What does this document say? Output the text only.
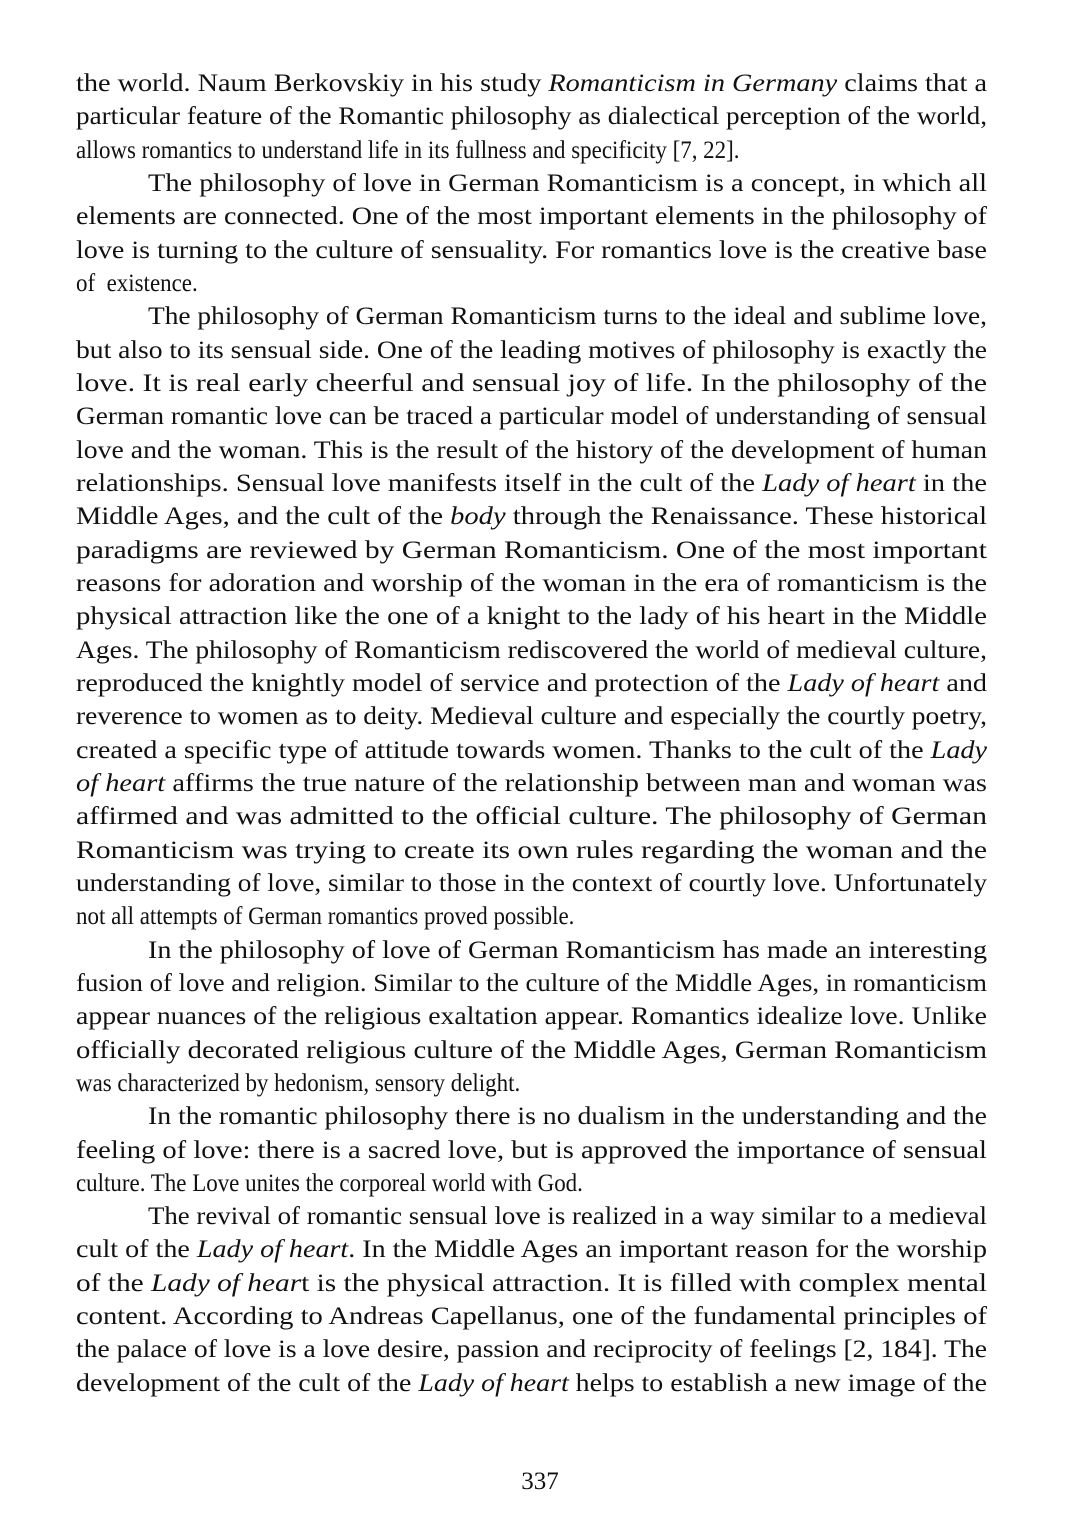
the world. Naum Berkovskiy in his study Romanticism in Germany claims that a
particular feature of the Romantic philosophy as dialectical perception of the world,
allows romantics to understand life in its fullness and specificity [7, 22].
The philosophy of love in German Romanticism is a concept, in which all
elements are connected. One of the most important elements in the philosophy of
love is turning to the culture of sensuality. For romantics love is the creative base
of  existence.
The philosophy of German Romanticism turns to the ideal and sublime love,
but also to its sensual side. One of the leading motives of philosophy is exactly the
love. It is real early cheerful and sensual joy of life. In the philosophy of the
German romantic love can be traced a particular model of understanding of sensual
love and the woman. This is the result of the history of the development of human
relationships. Sensual love manifests itself in the cult of the Lady of heart in the
Middle Ages, and the cult of the body through the Renaissance. These historical
paradigms are reviewed by German Romanticism. One of the most important
reasons for adoration and worship of the woman in the era of romanticism is the
physical attraction like the one of a knight to the lady of his heart in the Middle
Ages. The philosophy of Romanticism rediscovered the world of medieval culture,
reproduced the knightly model of service and protection of the Lady of heart and
reverence to women as to deity. Medieval culture and especially the courtly poetry,
created a specific type of attitude towards women. Thanks to the cult of the Lady
of heart affirms the true nature of the relationship between man and woman was
affirmed and was admitted to the official culture. The philosophy of German
Romanticism was trying to create its own rules regarding the woman and the
understanding of love, similar to those in the context of courtly love. Unfortunately
not all attempts of German romantics proved possible.
In the philosophy of love of German Romanticism has made an interesting
fusion of love and religion. Similar to the culture of the Middle Ages, in romanticism
appear nuances of the religious exaltation appear. Romantics idealize love. Unlike
officially decorated religious culture of the Middle Ages, German Romanticism
was characterized by hedonism, sensory delight.
In the romantic philosophy there is no dualism in the understanding and the
feeling of love: there is a sacred love, but is approved the importance of sensual
culture. The Love unites the corporeal world with God.
The revival of romantic sensual love is realized in a way similar to a medieval
cult of the Lady of heart. In the Middle Ages an important reason for the worship
of the Lady of heart is the physical attraction. It is filled with complex mental
content. According to Andreas Capellanus, one of the fundamental principles of
the palace of love is a love desire, passion and reciprocity of feelings [2, 184]. The
development of the cult of the Lady of heart helps to establish a new image of the
337
